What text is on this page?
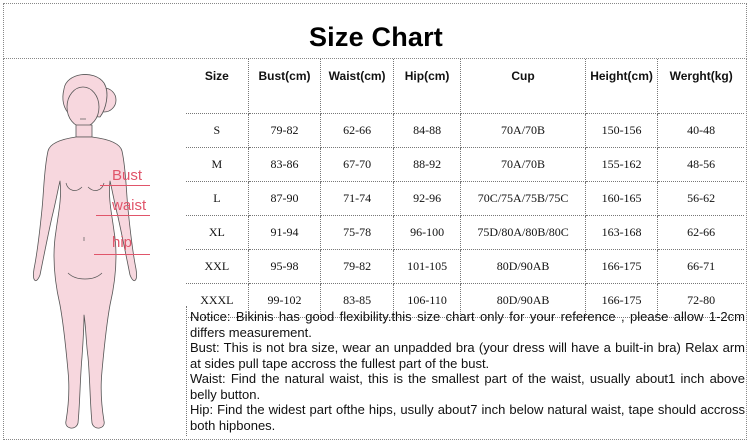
Size Chart
Bust
waist
hip
Size	Bust(cm)	Waist(cm)	Hip(cm)	Cup	Height(cm)	Werght(kg)
S	79-82	62-66	84-88	70A/70B	150-156	40-48
M	83-86	67-70	88-92	70A/70B	155-162	48-56
L	87-90	71-74	92-96	70C/75A/75B/75C	160-165	56-62
XL	91-94	75-78	96-100	75D/80A/80B/80C	163-168	62-66
XXL	95-98	79-82	101-105	80D/90AB	166-175	66-71
XXXL	99-102	83-85	106-110	80D/90AB	166-175	72-80

Notice: Bikinis has good flexibility.this size chart only for your reference , please allow 1-2cm differs measurement.

Bust: This is not bra size, wear an unpadded bra (your dress will have a built-in bra) Relax arm at sides pull tape accross the fullest part of the bust.

Waist: Find the natural waist, this is the smallest part of the waist, usually about1 inch above belly button.

Hip: Find the widest part ofthe hips, usully about7 inch below natural waist, tape should accross both hipbones.
